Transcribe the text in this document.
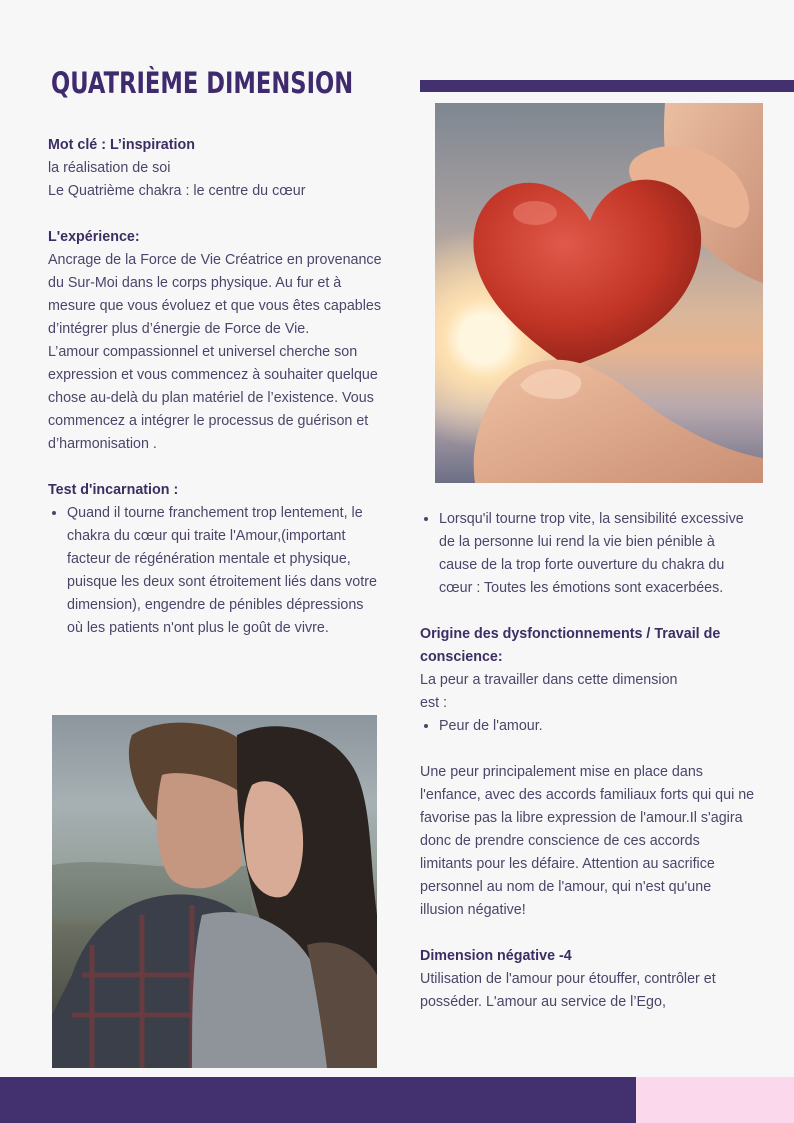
QUATRIÈME DIMENSION

Mot clé : L’inspiration

la réalisation de soi

Le Quatrième chakra : le centre du cœur

L'expérience:

Ancrage de la Force de Vie Créatrice en provenance du Sur-Moi dans le corps physique. Au fur et à mesure que vous évoluez et que vous êtes capables d’intégrer plus d’énergie de Force de Vie.

L’amour compassionnel et universel cherche son expression et vous commencez à souhaiter quelque chose au-delà du plan matériel de l’existence. Vous commencez a intégrer le processus de guérison et d’harmonisation .

Test d'incarnation :

• Quand il tourne franchement trop lentement, le chakra du cœur qui traite l'Amour,(important facteur de régénération mentale et physique, puisque les deux sont étroitement liés dans votre dimension), engendre de pénibles dépressions où les patients n'ont plus le goût de vivre.
• Lorsqu'il tourne trop vite, la sensibilité excessive de la personne lui rend la vie bien pénible à cause de la trop forte ouverture du chakra du cœur : Toutes les émotions sont exacerbées.

Origine des dysfonctionnements / Travail de conscience:

La peur a travailler dans cette dimension

est :

• Peur de l'amour.

Une peur principalement mise en place dans l'enfance, avec des accords familiaux forts qui qui ne favorise pas la libre expression de l'amour.Il s'agira donc de prendre conscience de ces accords limitants pour les défaire. Attention au sacrifice personnel au nom de l'amour, qui n'est qu'une illusion négative!

Dimension négative -4

Utilisation de l'amour pour étouffer, contrôler et posséder. L'amour au service de l’Ego,
